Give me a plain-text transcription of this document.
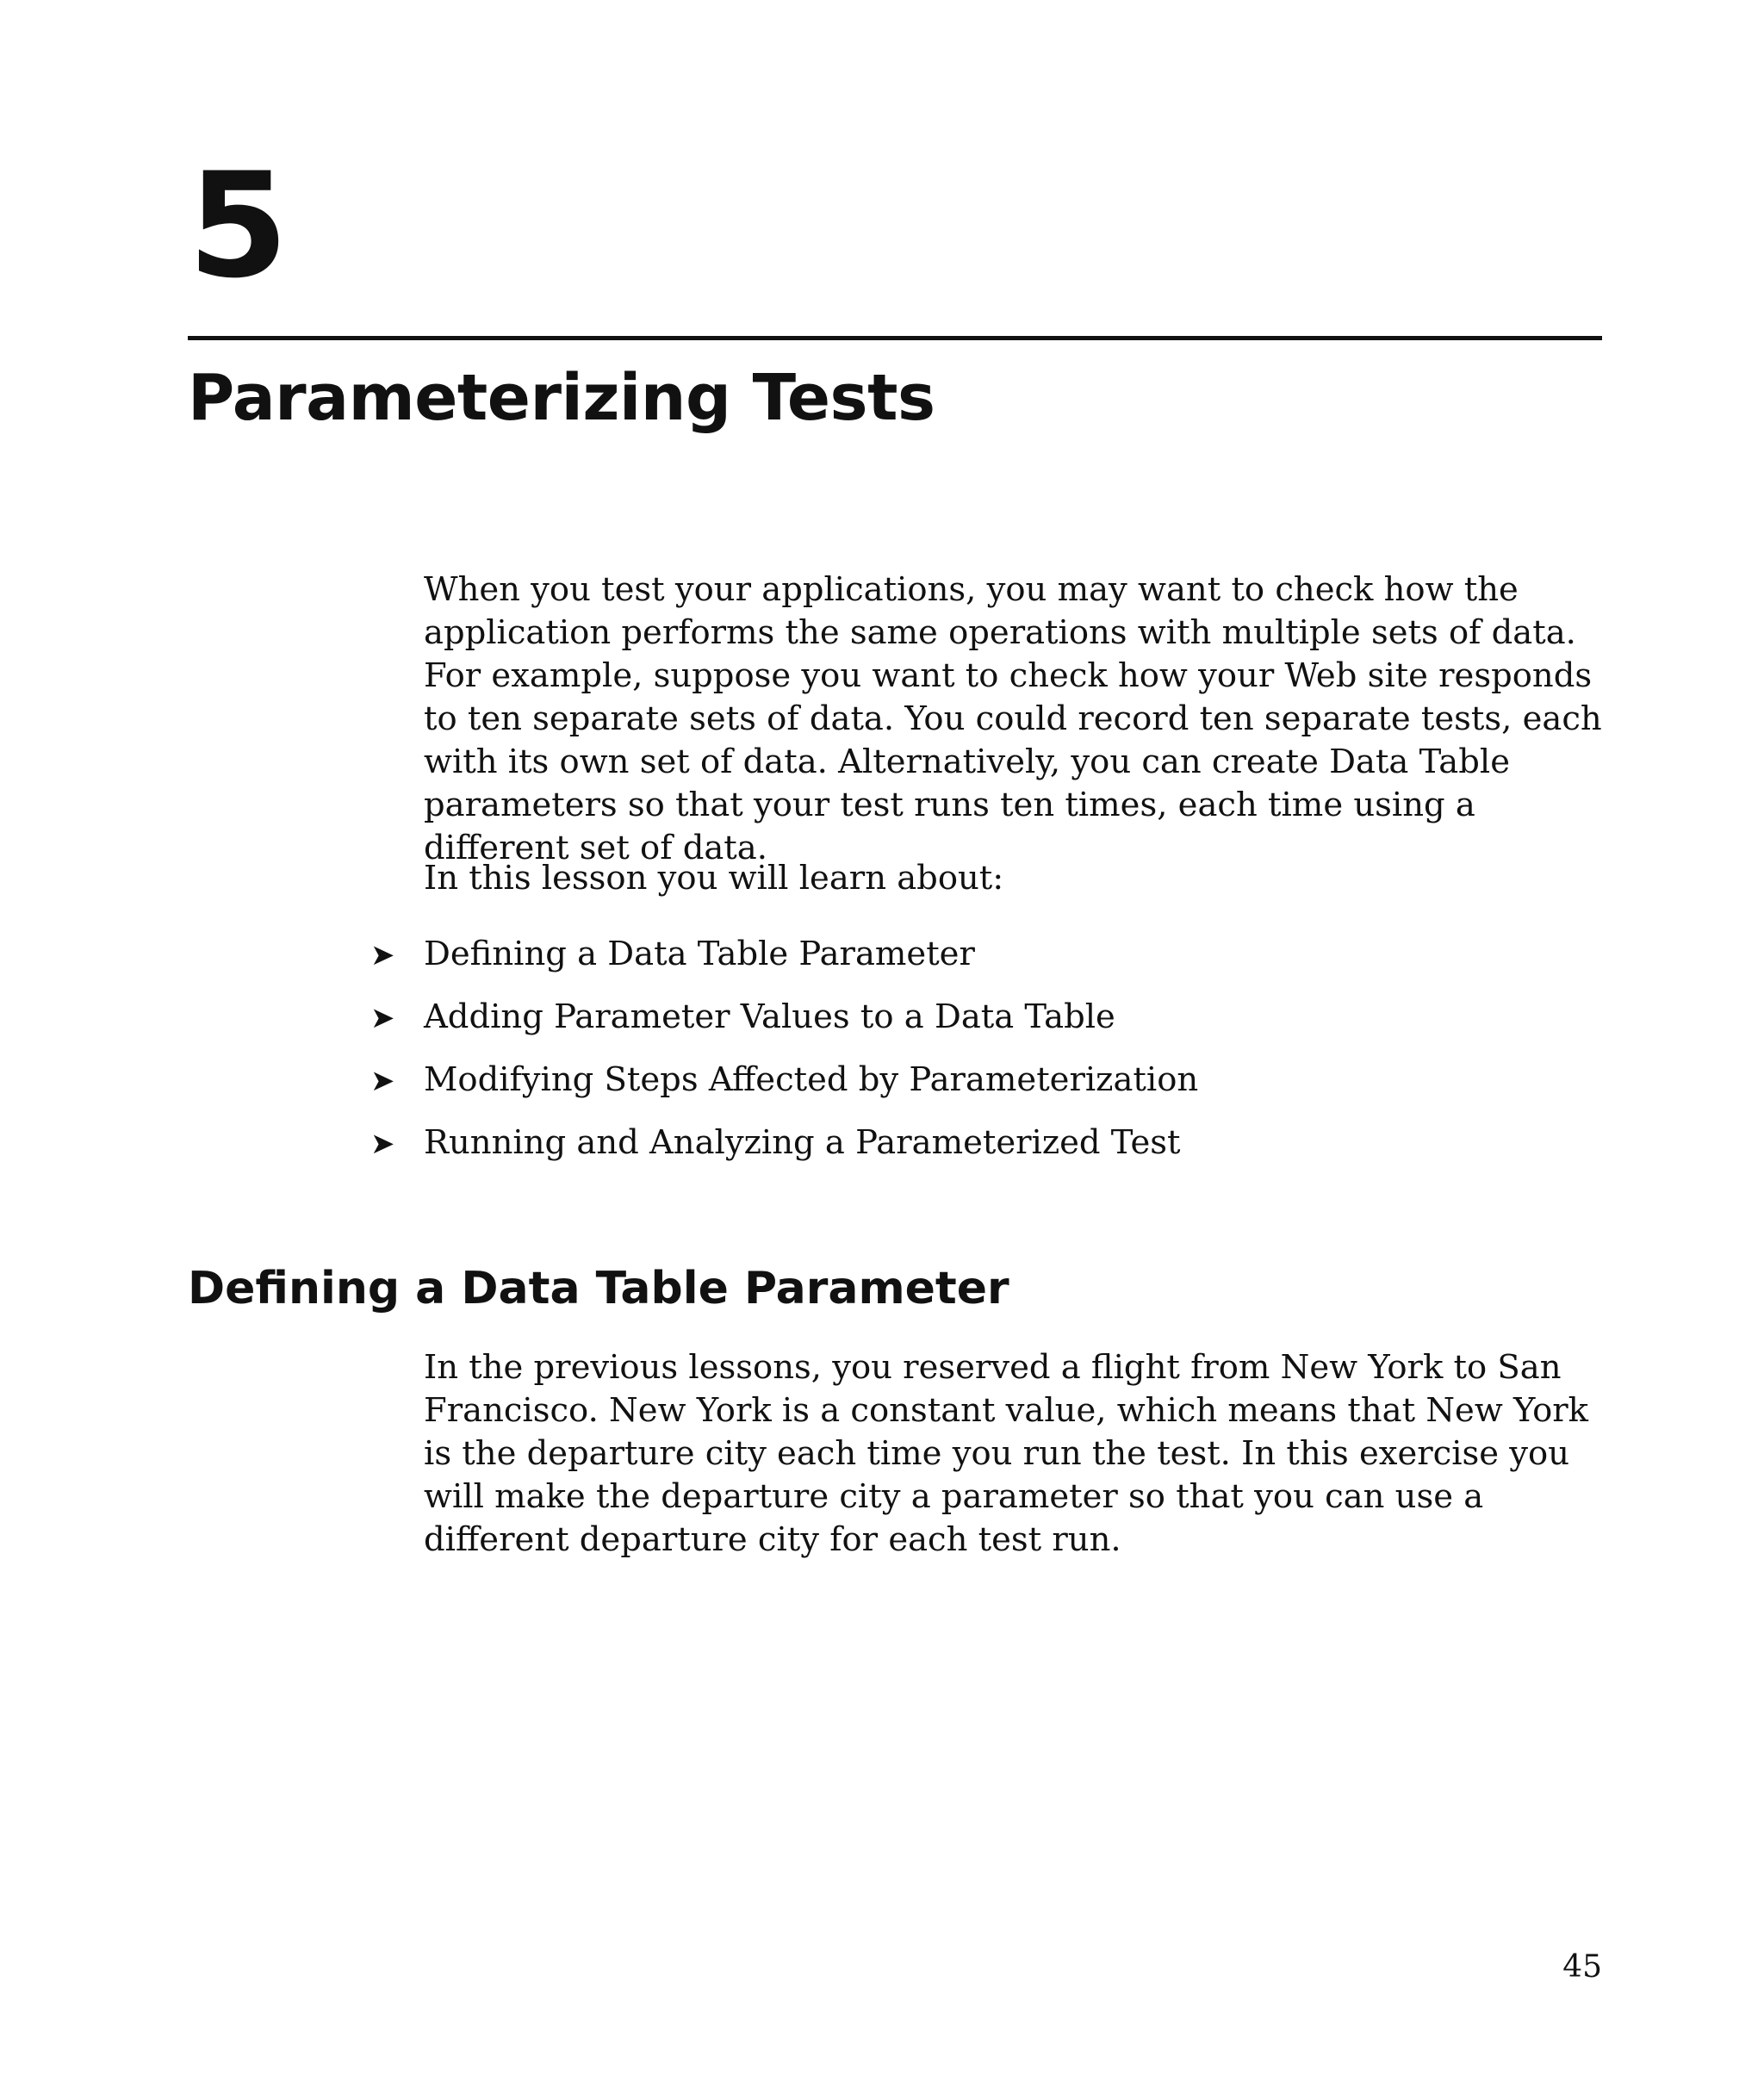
5
Parameterizing Tests

When you test your applications, you may want to check how the application performs the same operations with multiple sets of data. For example, suppose you want to check how your Web site responds to ten separate sets of data. You could record ten separate tests, each with its own set of data. Alternatively, you can create Data Table parameters so that your test runs ten times, each time using a different set of data.

In this lesson you will learn about:

➤ Defining a Data Table Parameter
➤ Adding Parameter Values to a Data Table
➤ Modifying Steps Affected by Parameterization
➤ Running and Analyzing a Parameterized Test
Defining a Data Table Parameter

In the previous lessons, you reserved a flight from New York to San Francisco. New York is a constant value, which means that New York is the departure city each time you run the test. In this exercise you will make the departure city a parameter so that you can use a different departure city for each test run.

45
